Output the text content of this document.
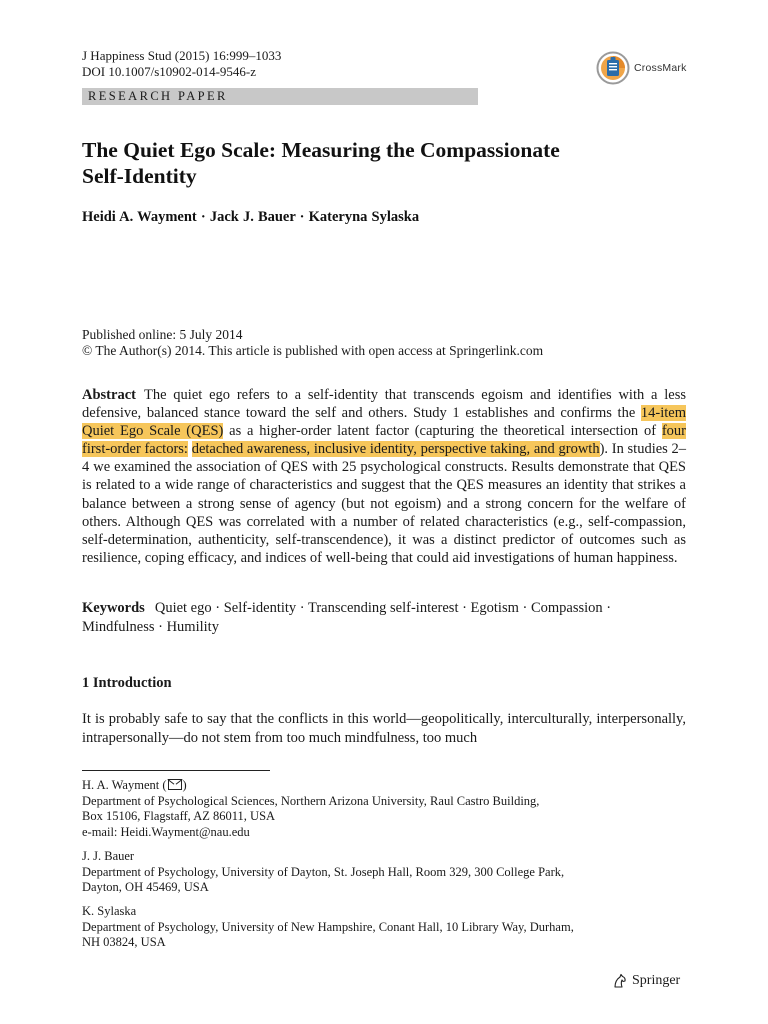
J Happiness Stud (2015) 16:999–1033
DOI 10.1007/s10902-014-9546-z	CrossMark
RESEARCH PAPER
The Quiet Ego Scale: Measuring the Compassionate
Self-Identity
Heidi A. Wayment · Jack J. Bauer · Kateryna Sylaska
Published online: 5 July 2014
© The Author(s) 2014. This article is published with open access at Springerlink.com
Abstract The quiet ego refers to a self-identity that transcends egoism and identifies with a less defensive, balanced stance toward the self and others. Study 1 establishes and confirms the 14-item Quiet Ego Scale (QES) as a higher-order latent factor (capturing the theoretical intersection of four first-order factors: detached awareness, inclusive identity, perspective taking, and growth). In studies 2–4 we examined the association of QES with 25 psychological constructs. Results demonstrate that QES is related to a wide range of characteristics and suggest that the QES measures an identity that strikes a balance between a strong sense of agency (but not egoism) and a strong concern for the welfare of others. Although QES was correlated with a number of related characteristics (e.g., self-compassion, self-determination, authenticity, self-transcendence), it was a distinct predictor of outcomes such as resilience, coping efficacy, and indices of well-being that could aid investigations of human happiness.
Keywords Quiet ego · Self-identity · Transcending self-interest · Egotism · Compassion · Mindfulness · Humility
1 Introduction
It is probably safe to say that the conflicts in this world—geopolitically, interculturally, interpersonally, intrapersonally—do not stem from too much mindfulness, too much
H. A. Wayment ( )
Department of Psychological Sciences, Northern Arizona University, Raul Castro Building,
Box 15106, Flagstaff, AZ 86011, USA
e-mail: Heidi.Wayment@nau.edu
J. J. Bauer
Department of Psychology, University of Dayton, St. Joseph Hall, Room 329, 300 College Park,
Dayton, OH 45469, USA
K. Sylaska
Department of Psychology, University of New Hampshire, Conant Hall, 10 Library Way, Durham,
NH 03824, USA
Springer
